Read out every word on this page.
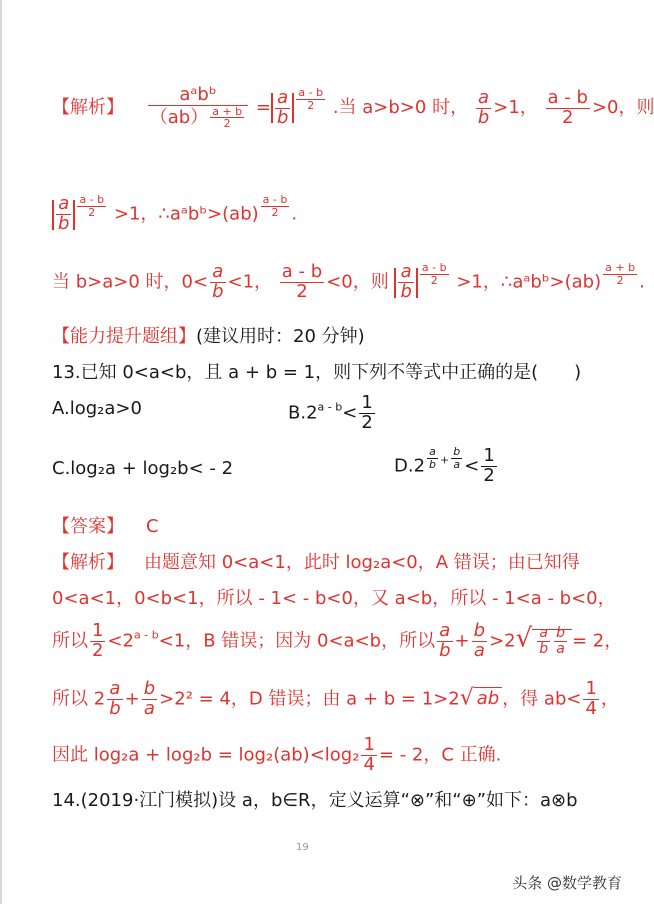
【解析】 $\frac{\text{aᵃbᵇ}}{(ab) \frac{a + b}{2}} = \frac{a}{b} \frac{a - b}{2}$ .当 a>b>0 时， $\frac{a}{b} >1$， $\frac{a - b}{2} >0$，则
$\frac{a}{b} \frac{a - b}{2} >1$，∴aᵃbᵇ>(ab) $\frac{a - b}{2}$ .
当 b>a>0 时，$0< \frac{a}{b} <1$， $\frac{a - b}{2} <0$，则 $\frac{a}{b} \frac{a - b}{2} >1$，∴aᵃbᵇ>(ab) $\frac{a + b}{2}$ .
【能力提升题组】(建议用时：20 分钟)
13.已知 0<a<b，且 a + b = 1，则下列不等式中正确的是(　　)
A.log₂a>0	$B.2^{a - b}< \frac{1}{2}$
C.log₂a + log₂b< - 2	$D.2 \frac{a}{b} ^+ \frac{b}{a} < \frac{1}{2}$
【答案】 C
【解析】 由题意知 0<a<1，此时 log₂a<0，A 错误；由已知得
0<a<1，0<b<1，所以 - 1< - b<0，又 a<b，所以 - 1<a - b<0，
所以 $\frac{1}{2} <2^{a - b}<1$，B 错误；因为 0<a<b，所以 $\frac{a}{b} + \frac{b}{a} >2√ \frac{a}{b} \frac{b}{a} = 2$，
所以 $2 \frac{a}{b} + \frac{b}{a} >2^2 = 4$，D 错误；由 a + b = 1>2√ ab ，得 $ab< \frac{1}{4}$ ，
因此 $\log_2a + \log_2b = \log_2(ab)<\log_2 \frac{1}{4}$ = - 2，C 正确.
14.(2019·江门模拟)设 a，b∈R，定义运算“⊗”和“⊕”如下：a⊗b
19
头条 @数学教育
